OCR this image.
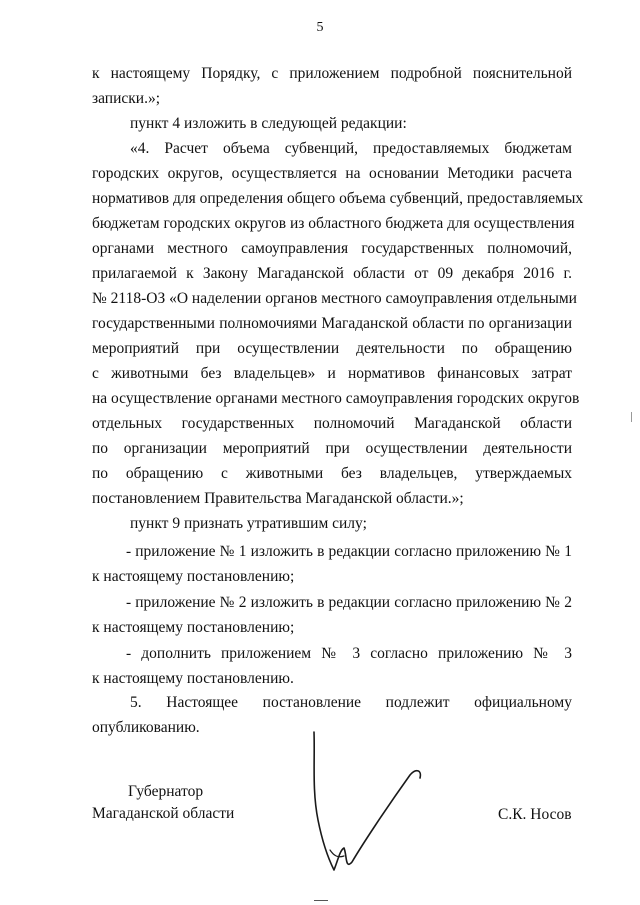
5
к настоящему Порядку, с приложением подробной пояснительной
записки.»;
пункт 4 изложить в следующей редакции:
«4. Расчет объема субвенций, предоставляемых бюджетам
городских округов, осуществляется на основании Методики расчета
нормативов для определения общего объема субвенций, предоставляемых
бюджетам городских округов из областного бюджета для осуществления
органами местного самоуправления государственных полномочий,
прилагаемой к Закону Магаданской области от 09 декабря 2016 г.
№ 2118-ОЗ «О наделении органов местного самоуправления отдельными
государственными полномочиями Магаданской области по организации
мероприятий при осуществлении деятельности по обращению
с животными без владельцев» и нормативов финансовых затрат
на осуществление органами местного самоуправления городских округов
отдельных государственных полномочий Магаданской области
по организации мероприятий при осуществлении деятельности
по обращению с животными без владельцев, утверждаемых
постановлением Правительства Магаданской области.»;
пункт 9 признать утратившим силу;
- приложение № 1 изложить в редакции согласно приложению № 1
к настоящему постановлению;
- приложение № 2 изложить в редакции согласно приложению № 2
к настоящему постановлению;
- дополнить приложением № 3 согласно приложению № 3
к настоящему постановлению.
5. Настоящее постановление подлежит официальному
опубликованию.
Губернатор
Магаданской области	С.К. Носов
